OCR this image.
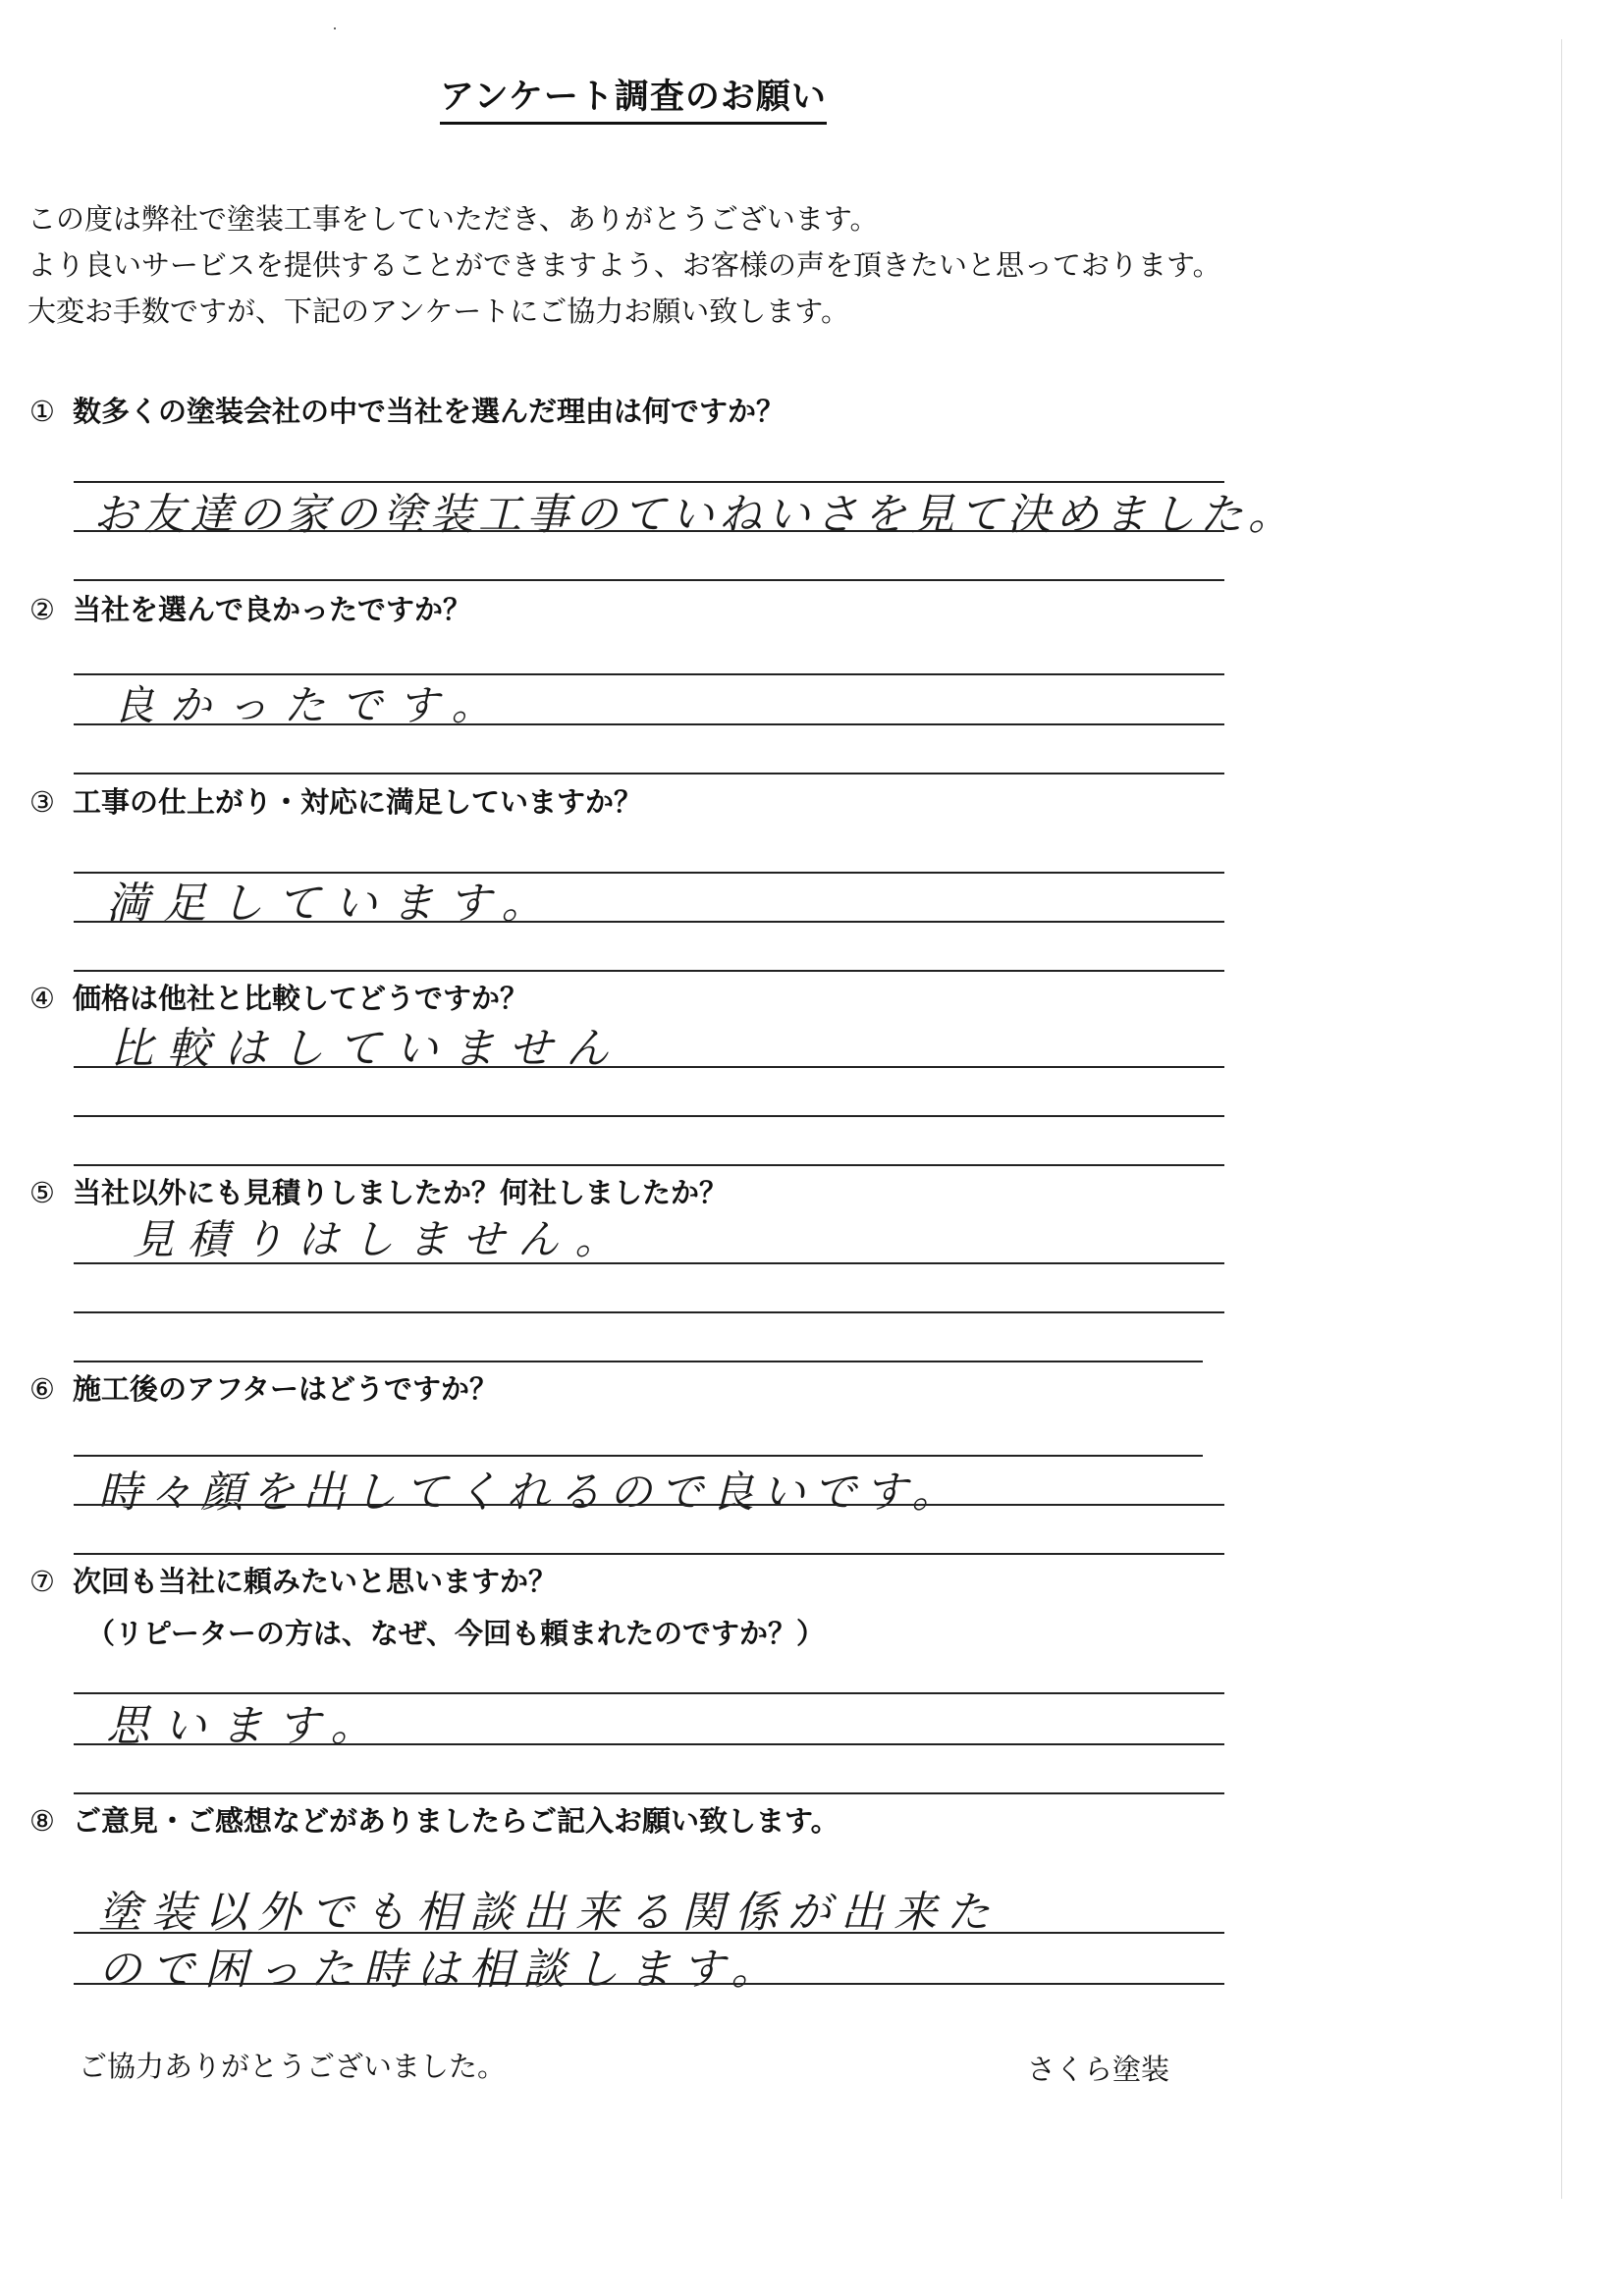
アンケート調査のお願い

この度は弊社で塗装工事をしていただき、ありがとうございます。

より良いサービスを提供することができますよう、お客様の声を頂きたいと思っております。

大変お手数ですが、下記のアンケートにご協力お願い致します。

① 数多くの塗装会社の中で当社を選んだ理由は何ですか？
お友達の家の塗装工事のていねいさを見て決めました。
② 当社を選んで良かったですか？
良かったです。
③ 工事の仕上がり・対応に満足していますか？
満足しています。
④ 価格は他社と比較してどうですか？
比較はしていません
⑤ 当社以外にも見積りしましたか？何社しましたか？
見積りはしません。
⑥ 施工後のアフターはどうですか？
時々顔を出してくれるので良いです。
⑦ 次回も当社に頼みたいと思いますか？
（リピーターの方は、なぜ、今回も頼まれたのですか？）
思います。
⑧ ご意見・ご感想などがありましたらご記入お願い致します。
塗装以外でも相談出来る関係が出来た
ので困った時は相談します。
ご協力ありがとうございました。	さくら塗装
